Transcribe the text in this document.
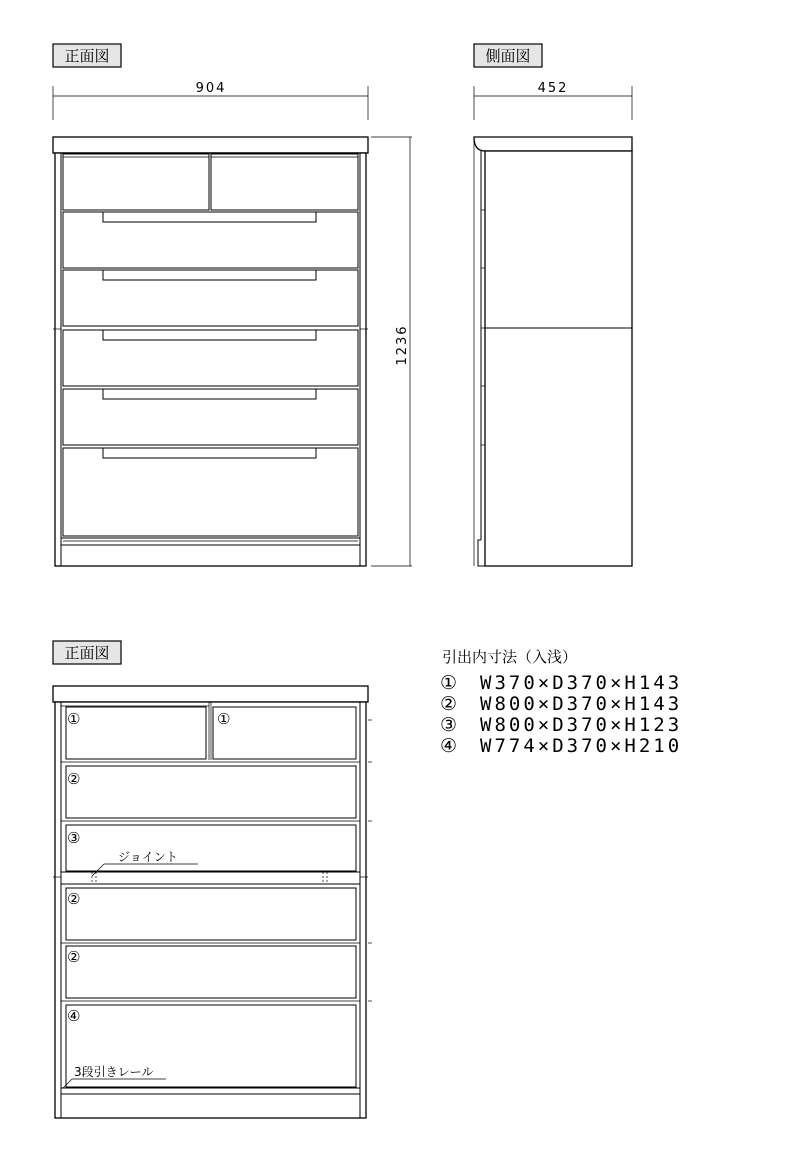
正面図
904
1236
側面図
452
正面図
①	①
②
③
②
②
④
ジョイント
3段引きレール
引出内寸法（入浅）
① W370×D370×H143
② W800×D370×H143
③ W800×D370×H123
④ W774×D370×H210
